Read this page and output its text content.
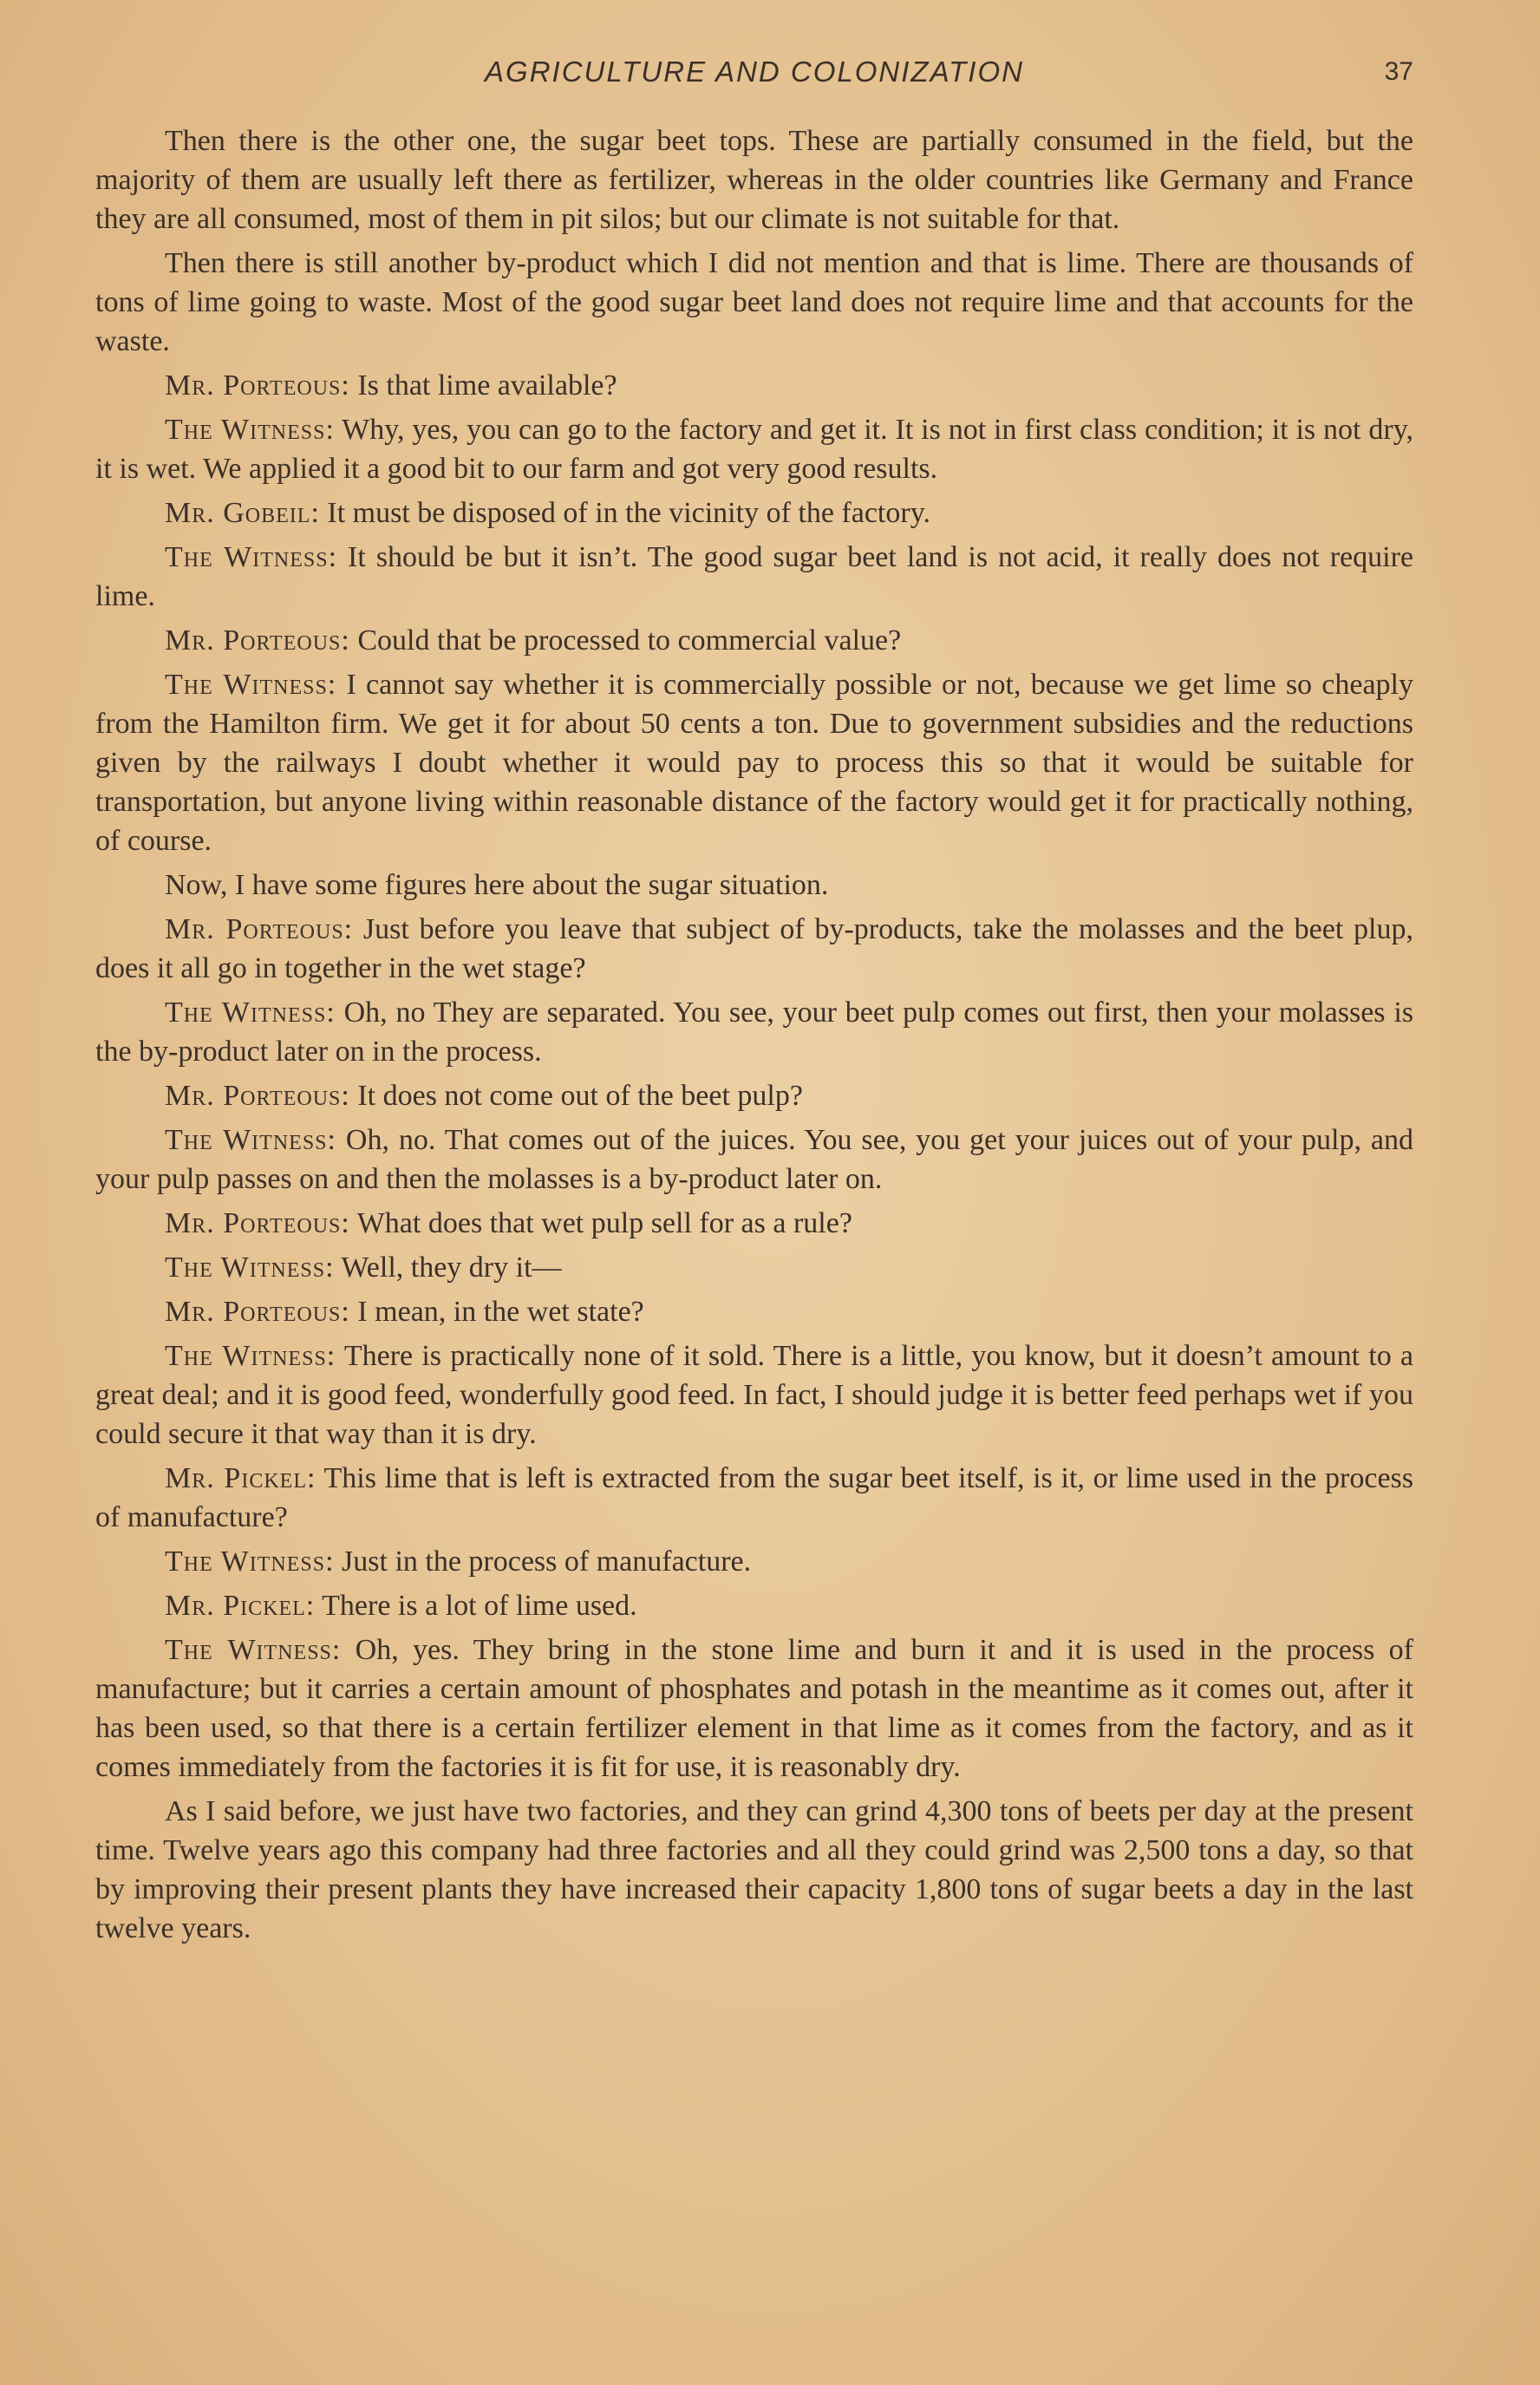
AGRICULTURE AND COLONIZATION	37

Then there is the other one, the sugar beet tops. These are partially consumed in the field, but the majority of them are usually left there as fertilizer, whereas in the older countries like Germany and France they are all consumed, most of them in pit silos; but our climate is not suitable for that.

Then there is still another by-product which I did not mention and that is lime. There are thousands of tons of lime going to waste. Most of the good sugar beet land does not require lime and that accounts for the waste.

Mr. Porteous: Is that lime available?

The Witness: Why, yes, you can go to the factory and get it. It is not in first class condition; it is not dry, it is wet. We applied it a good bit to our farm and got very good results.

Mr. Gobeil: It must be disposed of in the vicinity of the factory.

The Witness: It should be but it isn’t. The good sugar beet land is not acid, it really does not require lime.

Mr. Porteous: Could that be processed to commercial value?

The Witness: I cannot say whether it is commercially possible or not, because we get lime so cheaply from the Hamilton firm. We get it for about 50 cents a ton. Due to government subsidies and the reductions given by the railways I doubt whether it would pay to process this so that it would be suitable for transportation, but anyone living within reasonable distance of the factory would get it for practically nothing, of course.

Now, I have some figures here about the sugar situation.

Mr. Porteous: Just before you leave that subject of by-products, take the molasses and the beet plup, does it all go in together in the wet stage?

The Witness: Oh, no They are separated. You see, your beet pulp comes out first, then your molasses is the by-product later on in the process.

Mr. Porteous: It does not come out of the beet pulp?

The Witness: Oh, no. That comes out of the juices. You see, you get your juices out of your pulp, and your pulp passes on and then the molasses is a by-product later on.

Mr. Porteous: What does that wet pulp sell for as a rule?

The Witness: Well, they dry it—

Mr. Porteous: I mean, in the wet state?

The Witness: There is practically none of it sold. There is a little, you know, but it doesn’t amount to a great deal; and it is good feed, wonderfully good feed. In fact, I should judge it is better feed perhaps wet if you could secure it that way than it is dry.

Mr. Pickel: This lime that is left is extracted from the sugar beet itself, is it, or lime used in the process of manufacture?

The Witness: Just in the process of manufacture.

Mr. Pickel: There is a lot of lime used.

The Witness: Oh, yes. They bring in the stone lime and burn it and it is used in the process of manufacture; but it carries a certain amount of phosphates and potash in the meantime as it comes out, after it has been used, so that there is a certain fertilizer element in that lime as it comes from the factory, and as it comes immediately from the factories it is fit for use, it is reasonably dry.

As I said before, we just have two factories, and they can grind 4,300 tons of beets per day at the present time. Twelve years ago this company had three factories and all they could grind was 2,500 tons a day, so that by improving their present plants they have increased their capacity 1,800 tons of sugar beets a day in the last twelve years.
